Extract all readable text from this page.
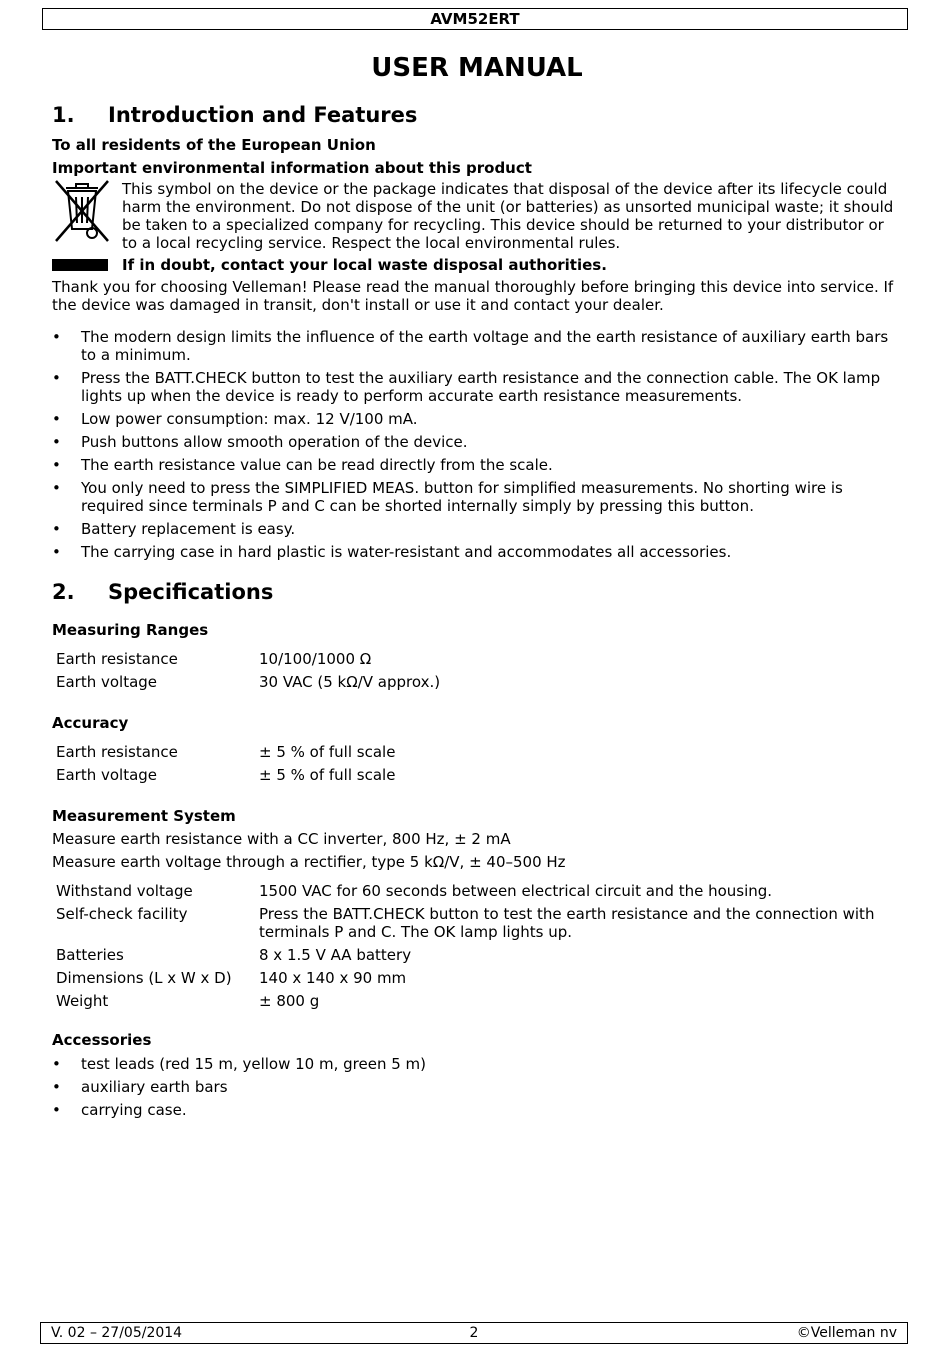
AVM52ERT
USER MANUAL
1. Introduction and Features
To all residents of the European Union
Important environmental information about this product

This symbol on the device or the package indicates that disposal of the device after its lifecycle could harm the environment. Do not dispose of the unit (or batteries) as unsorted municipal waste; it should be taken to a specialized company for recycling. This device should be returned to your distributor or to a local recycling service. Respect the local environmental rules.

If in doubt, contact your local waste disposal authorities.

Thank you for choosing Velleman! Please read the manual thoroughly before bringing this device into service. If the device was damaged in transit, don't install or use it and contact your dealer.

• The modern design limits the influence of the earth voltage and the earth resistance of auxiliary earth bars to a minimum.
• Press the BATT.CHECK button to test the auxiliary earth resistance and the connection cable. The OK lamp lights up when the device is ready to perform accurate earth resistance measurements.
• Low power consumption: max. 12 V/100 mA.
• Push buttons allow smooth operation of the device.
• The earth resistance value can be read directly from the scale.
• You only need to press the SIMPLIFIED MEAS. button for simplified measurements. No shorting wire is required since terminals P and C can be shorted internally simply by pressing this button.
• Battery replacement is easy.
• The carrying case in hard plastic is water-resistant and accommodates all accessories.
2. Specifications
Measuring Ranges
Earth resistance	10/100/1000 Ω
Earth voltage	30 VAC (5 kΩ/V approx.)
Accuracy
Earth resistance	± 5 % of full scale
Earth voltage	± 5 % of full scale
Measurement System

Measure earth resistance with a CC inverter, 800 Hz, ± 2 mA

Measure earth voltage through a rectifier, type 5 kΩ/V, ± 40–500 Hz

Withstand voltage	1500 VAC for 60 seconds between electrical circuit and the housing.
Self-check facility	Press the BATT.CHECK button to test the earth resistance and the connection with terminals P and C. The OK lamp lights up.
Batteries	8 x 1.5 V AA battery
Dimensions (L x W x D)	140 x 140 x 90 mm
Weight	± 800 g
Accessories
• test leads (red 15 m, yellow 10 m, green 5 m)
• auxiliary earth bars
• carrying case.
V. 02 – 27/05/2014	2	©Velleman nv
